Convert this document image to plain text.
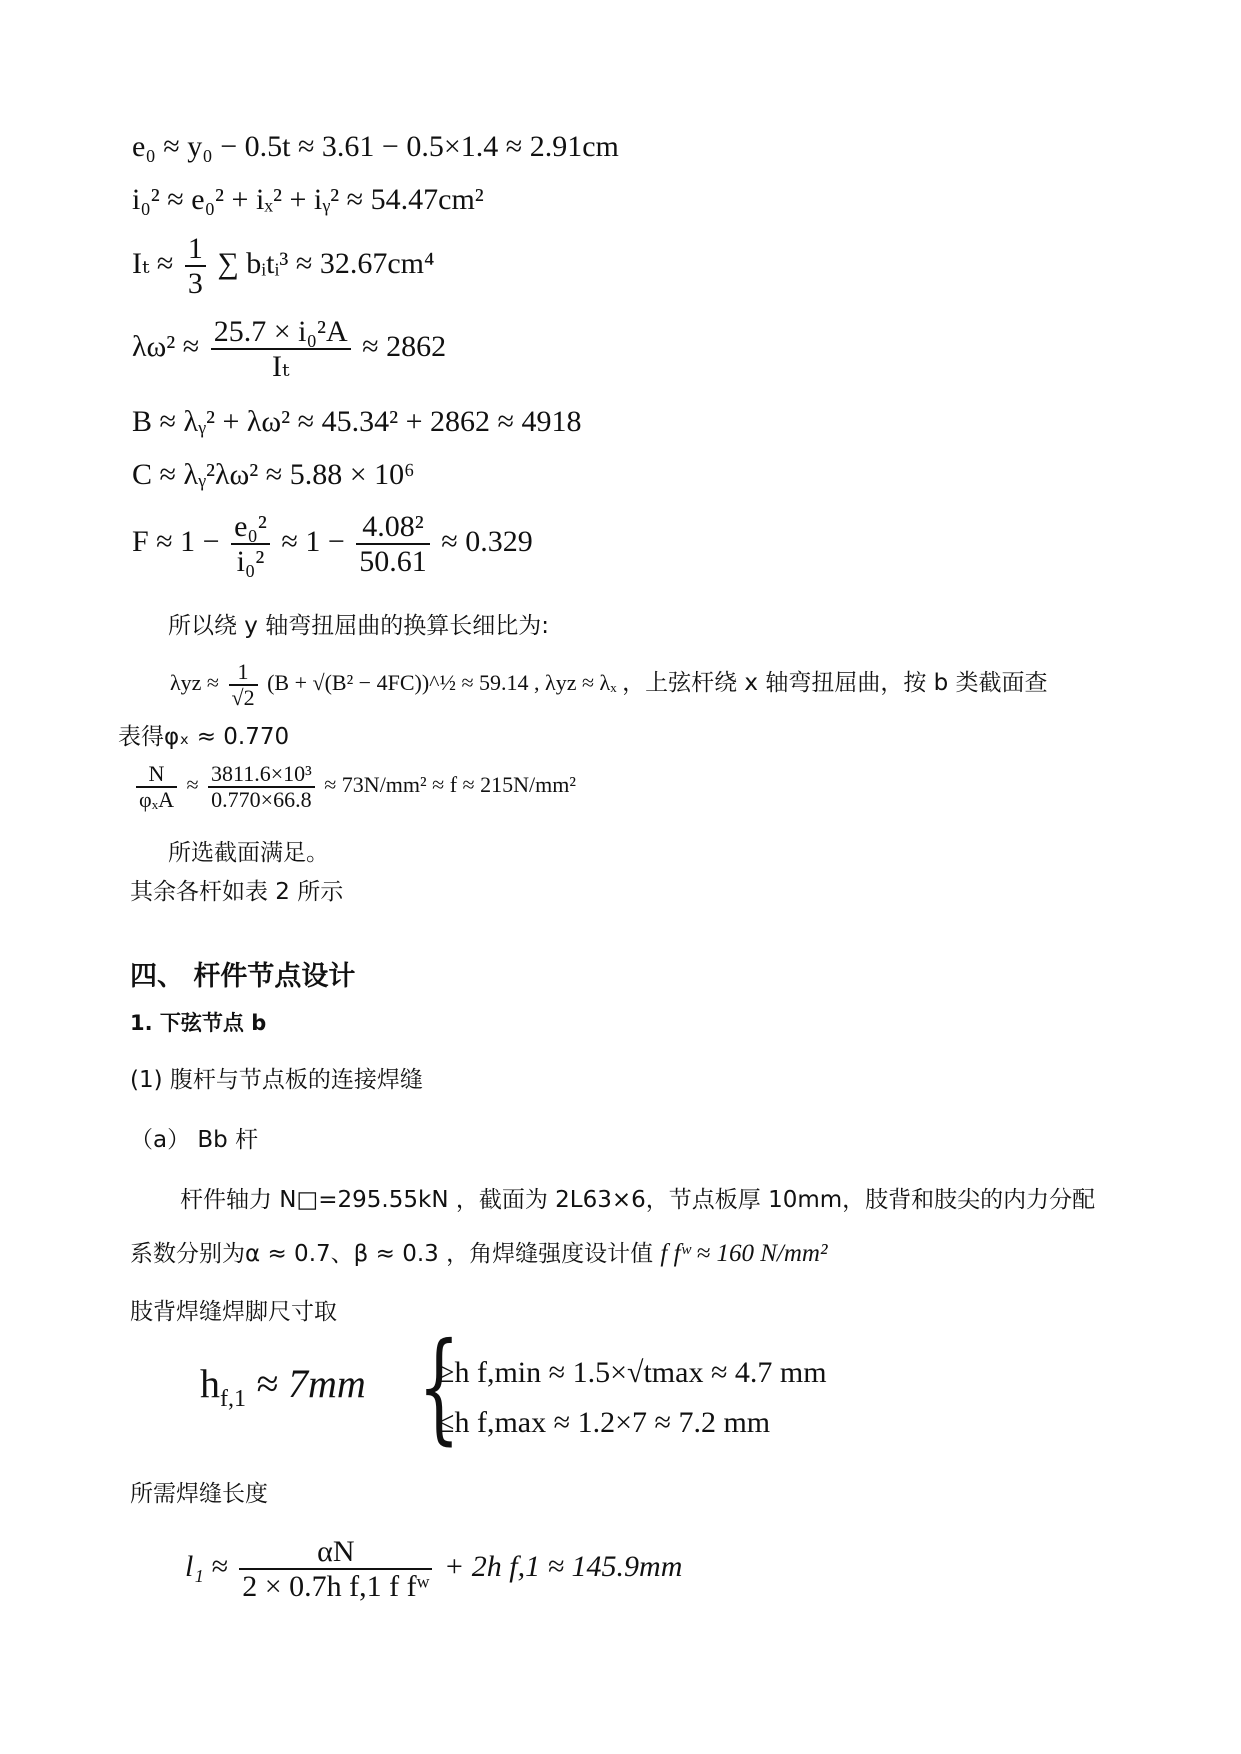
e₀ ≈ y₀ − 0.5t ≈ 3.61 − 0.5×1.4 ≈ 2.91cm
i₀² ≈ e₀² + iₓ² + iᵧ² ≈ 54.47cm²
$I_t \approx \frac{1}{3}$ ∑ bᵢtᵢ³ ≈ 32.67cm⁴
$\lambda\omega^2 \approx \frac{\text{25.7 × i₀²A}}{\text{Iₜ}} \approx 2862$
B ≈ λᵧ² + λω² ≈ 45.34² + 2862 ≈ 4918
C ≈ λᵧ²λω² ≈ 5.88 × 10⁶
$F \approx 1 - \frac{\text{e₀²}}{\text{i₀²}} \approx 1 - \frac{\text{4.08²}}{50.61} \approx 0.329$
所以绕 y 轴弯扭屈曲的换算长细比为:
$\lambda yz \approx \frac{1}{√2} (B + √(B^2$ − 4FC))^½ ≈ 59.14 , λyz ≈ λₓ ，上弦杆绕 x 轴弯扭屈曲，按 b 类截面查
表得φₓ ≈ 0.770
$\frac{N}{\text{φₓA}} \approx \frac{\text{3811.6×10³}}{0.770\times 66.8} \approx 73N/mm^2 \approx f \approx 215N/mm^2$
所选截面满足。
其余各杆如表 2 所示
四、 杆件节点设计
1. 下弦节点 b
(1) 腹杆与节点板的连接焊缝
（a） Bb 杆
杆件轴力 N□=295.55kN ，截面为 2L63×6，节点板厚 10mm，肢背和肢尖的内力分配
系数分别为α ≈ 0.7、β ≈ 0.3 ，角焊缝强度设计值 f fʷ ≈ 160 N/mm²
肢背焊缝焊脚尺寸取
$h_{f,1} \approx 7mm$ {
≥h f,min ≈ 1.5×√tmax ≈ 4.7 mm
≤h f,max ≈ 1.2×7 ≈ 7.2 mm
所需焊缝长度
$l_1 \approx \frac{\alpha N}{\text{2 × 0.7h f,1 f fʷ}} + 2h$ f,1 ≈ 145.9mm
